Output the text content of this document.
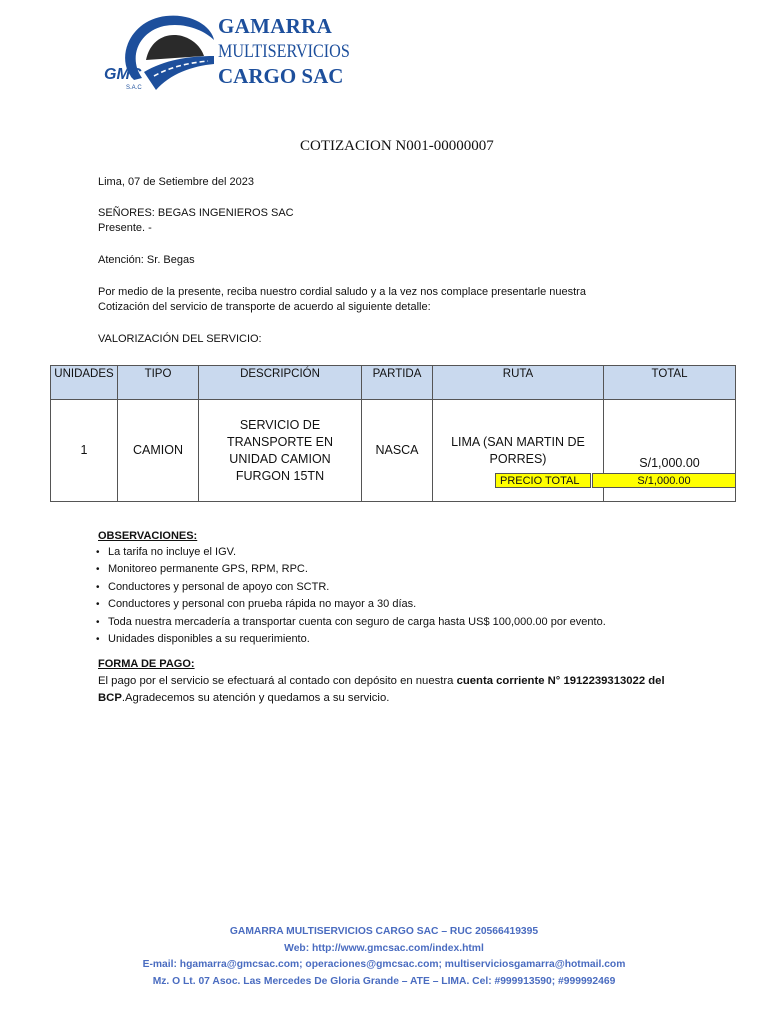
GMC
S.A.C
GAMARRA
MULTISERVICIOS
CARGO SAC
COTIZACION N001-00000007
Lima, 07 de Setiembre del 2023
SEÑORES: BEGAS INGENIEROS SAC
Presente. -
Atención: Sr. Begas
Por medio de la presente, reciba nuestro cordial saludo y a la vez nos complace presentarle nuestra
Cotización del servicio de transporte de acuerdo al siguiente detalle:
VALORIZACIÓN DEL SERVICIO:
UNIDADES	TIPO	DESCRIPCIÓN	PARTIDA	RUTA	TOTAL
1	CAMION	SERVICIO DE TRANSPORTE EN UNIDAD CAMION FURGON 15TN	NASCA	LIMA (SAN MARTIN DE PORRES)	S/1,000.00
PRECIO TOTAL	S/1,000.00
OBSERVACIONES:
• La tarifa no incluye el IGV.
• Monitoreo permanente GPS, RPM, RPC.
• Conductores y personal de apoyo con SCTR.
• Conductores y personal con prueba rápida no mayor a 30 días.
• Toda nuestra mercadería a transportar cuenta con seguro de carga hasta US$ 100,000.00 por evento.
• Unidades disponibles a su requerimiento.
FORMA DE PAGO:
El pago por el servicio se efectuará al contado con depósito en nuestra cuenta corriente N° 1912239313022 del BCP.Agradecemos su atención y quedamos a su servicio.
GAMARRA MULTISERVICIOS CARGO SAC – RUC 20566419395
Web: http://www.gmcsac.com/index.html
E-mail: hgamarra@gmcsac.com; operaciones@gmcsac.com; multiserviciosgamarra@hotmail.com
Mz. O Lt. 07 Asoc. Las Mercedes De Gloria Grande – ATE – LIMA. Cel: #999913590; #999992469
